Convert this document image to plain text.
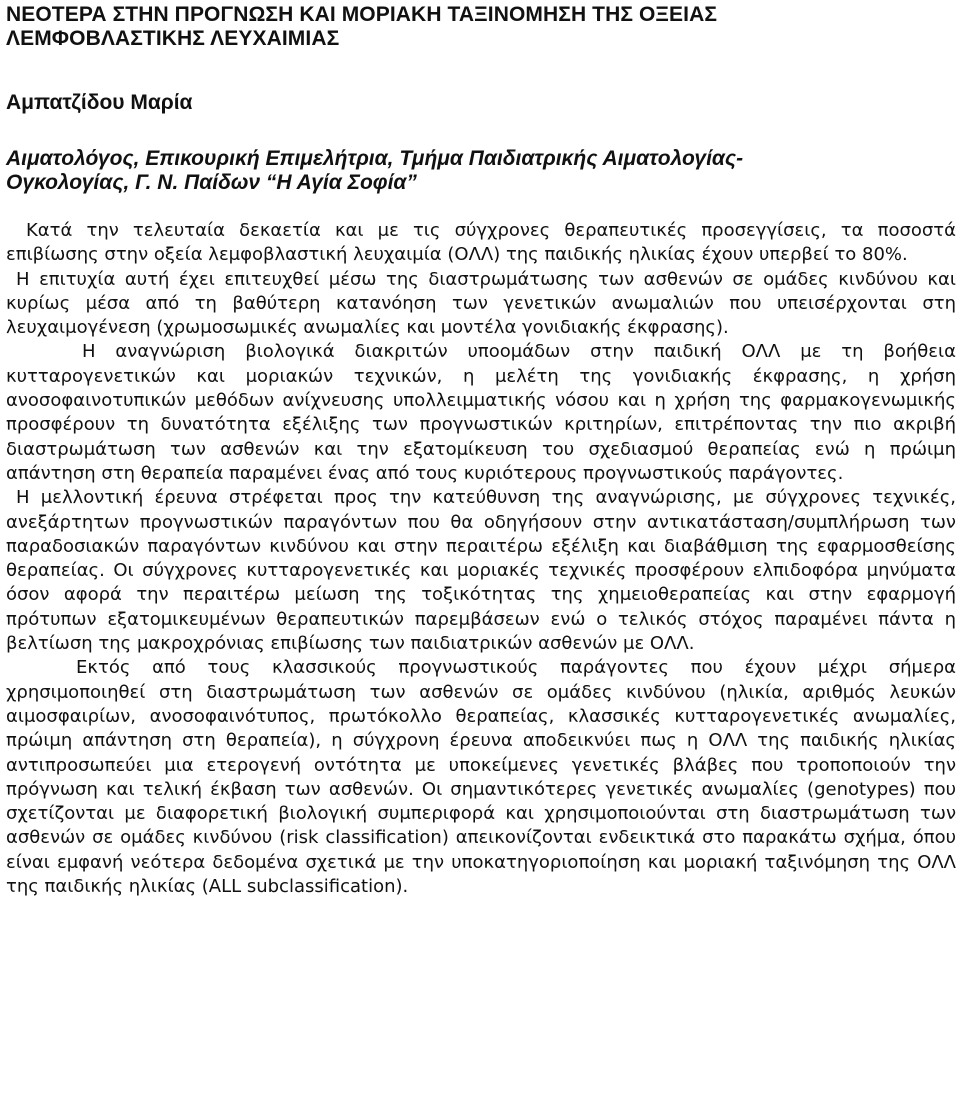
ΝΕΟΤΕΡΑ ΣΤΗΝ ΠΡΟΓΝΩΣΗ ΚΑΙ ΜΟΡΙΑΚΗ ΤΑΞΙΝΟΜΗΣΗ ΤΗΣ ΟΞΕΙΑΣ
ΛΕΜΦΟΒΛΑΣΤΙΚΗΣ ΛΕΥΧΑΙΜΙΑΣ

Αμπατζίδου Μαρία

Αιματολόγος, Επικουρική Επιμελήτρια, Τμήμα Παιδιατρικής Αιματολογίας-
Ογκολογίας, Γ. Ν. Παίδων “Η Αγία Σοφία”

Κατά την τελευταία δεκαετία και με τις σύγχρονες θεραπευτικές προσεγγίσεις, τα ποσοστά επιβίωσης στην οξεία λεμφοβλαστική λευχαιμία (ΟΛΛ) της παιδικής ηλικίας έχουν υπερβεί το 80%.

Η επιτυχία αυτή έχει επιτευχθεί μέσω της διαστρωμάτωσης των ασθενών σε ομάδες κινδύνου και κυρίως μέσα από τη βαθύτερη κατανόηση των γενετικών ανωμαλιών που υπεισέρχονται στη λευχαιμογένεση (χρωμοσωμικές ανωμαλίες και μοντέλα γονιδιακής έκφρασης).

Η αναγνώριση βιολογικά διακριτών υποομάδων στην παιδική ΟΛΛ με τη βοήθεια κυτταρογενετικών και μοριακών τεχνικών, η μελέτη της γονιδιακής έκφρασης, η χρήση ανοσοφαινοτυπικών μεθόδων ανίχνευσης υπολλειμματικής νόσου και η χρήση της φαρμακογενωμικής προσφέρουν τη δυνατότητα εξέλιξης των προγνωστικών κριτηρίων, επιτρέποντας την πιο ακριβή διαστρωμάτωση των ασθενών και την εξατομίκευση του σχεδιασμού θεραπείας ενώ η πρώιμη απάντηση στη θεραπεία παραμένει ένας από τους κυριότερους προγνωστικούς παράγοντες.

Η μελλοντική έρευνα στρέφεται προς την κατεύθυνση της αναγνώρισης, με σύγχρονες τεχνικές, ανεξάρτητων προγνωστικών παραγόντων που θα οδηγήσουν στην αντικατάσταση/συμπλήρωση των παραδοσιακών παραγόντων κινδύνου και στην περαιτέρω εξέλιξη και διαβάθμιση της εφαρμοσθείσης θεραπείας. Οι σύγχρονες κυτταρογενετικές και μοριακές τεχνικές προσφέρουν ελπιδοφόρα μηνύματα όσον αφορά την περαιτέρω μείωση της τοξικότητας της χημειοθεραπείας και στην εφαρμογή πρότυπων εξατομικευμένων θεραπευτικών παρεμβάσεων ενώ ο τελικός στόχος παραμένει πάντα η βελτίωση της μακροχρόνιας επιβίωσης των παιδιατρικών ασθενών με ΟΛΛ.

Εκτός από τους κλασσικούς προγνωστικούς παράγοντες που έχουν μέχρι σήμερα χρησιμοποιηθεί στη διαστρωμάτωση των ασθενών σε ομάδες κινδύνου (ηλικία, αριθμός λευκών αιμοσφαιρίων, ανοσοφαινότυπος, πρωτόκολλο θεραπείας, κλασσικές κυτταρογενετικές ανωμαλίες, πρώιμη απάντηση στη θεραπεία), η σύγχρονη έρευνα αποδεικνύει πως η ΟΛΛ της παιδικής ηλικίας αντιπροσωπεύει μια ετερογενή οντότητα με υποκείμενες γενετικές βλάβες που τροποποιούν την πρόγνωση και τελική έκβαση των ασθενών. Οι σημαντικότερες γενετικές ανωμαλίες (genotypes) που σχετίζονται με διαφορετική βιολογική συμπεριφορά και χρησιμοποιούνται στη διαστρωμάτωση των ασθενών σε ομάδες κινδύνου (risk classification) απεικονίζονται ενδεικτικά στο παρακάτω σχήμα, όπου είναι εμφανή νεότερα δεδομένα σχετικά με την υποκατηγοριοποίηση και μοριακή ταξινόμηση της ΟΛΛ της παιδικής ηλικίας (ALL subclassification).
